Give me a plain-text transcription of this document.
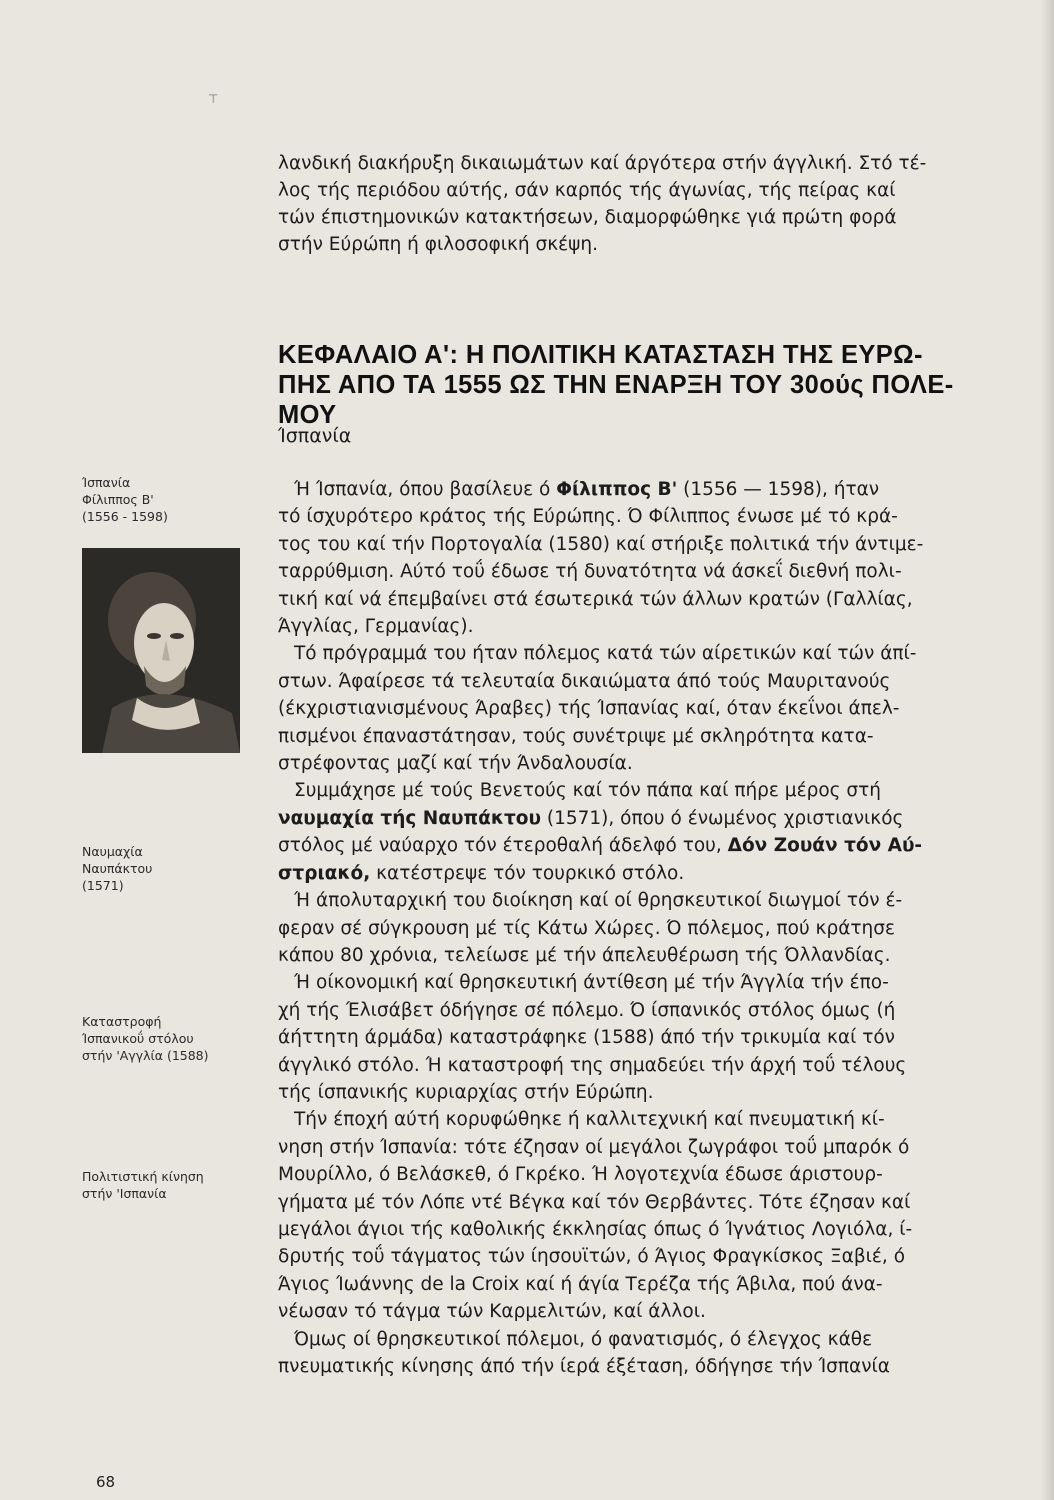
⊤
Ίσπανία
Φίλιππος Β'
(1556 - 1598)
Ναυμαχία
Ναυπάκτου
(1571)
Καταστροφή
Ίσπανικοΰ στόλου
στήν 'Αγγλία (1588)
Πολιτιστική κίνηση
στήν 'Ισπανία
68
λανδική διακήρυξη δικαιωμάτων καί άργότερα στήν άγγλική. Στό τέ-
λος τής περιόδου αύτής, σάν καρπός τής άγωνίας, τής πείρας καί
τών έπιστημονικών κατακτήσεων, διαμορφώθηκε γιά πρώτη φορά
στήν Εύρώπη ή φιλοσοφική σκέψη.
ΚΕΦΑΛΑΙΟ Α': Η ΠΟΛΙΤΙΚΗ ΚΑΤΑΣΤΑΣΗ ΤΗΣ ΕΥΡΩ-
ΠΗΣ ΑΠΟ ΤΑ 1555 ΩΣ ΤΗΝ ΕΝΑΡΞΗ ΤΟΥ 30ούς ΠΟΛΕ-
ΜΟΥ
Ίσπανία

Ή Ίσπανία, όπου βασίλευε ό Φίλιππος Β' (1556 — 1598), ήταν

τό ίσχυρότερο κράτος τής Εύρώπης. Ό Φίλιππος ένωσε μέ τό κρά-
τος του καί τήν Πορτογαλία (1580) καί στήριξε πολιτικά τήν άντιμε-
ταρρύθμιση. Αύτό τοΰ έδωσε τή δυνατότητα νά άσκεΐ διεθνή πολι-
τική καί νά έπεμβαίνει στά έσωτερικά τών άλλων κρατών (Γαλλίας,
Άγγλίας, Γερμανίας).
Τό πρόγραμμά του ήταν πόλεμος κατά τών αίρετικών καί τών άπί-
στων. Άφαίρεσε τά τελευταία δικαιώματα άπό τούς Μαυριτανούς
(έκχριστιανισμένους Άραβες) τής Ίσπανίας καί, όταν έκεΐνοι άπελ-
πισμένοι έπαναστάτησαν, τούς συνέτριψε μέ σκληρότητα κατα-
στρέφοντας μαζί καί τήν Άνδαλουσία.
Συμμάχησε μέ τούς Βενετούς καί τόν πάπα καί πήρε μέρος στή
ναυμαχία τής Ναυπάκτου (1571), όπου ό ένωμένος χριστιανικός
στόλος μέ ναύαρχο τόν έτεροθαλή άδελφό του, Δόν Ζουάν τόν Αύ-
στριακό, κατέστρεψε τόν τουρκικό στόλο.
Ή άπολυταρχική του διοίκηση καί οί θρησκευτικοί διωγμοί τόν έ-
φεραν σέ σύγκρουση μέ τίς Κάτω Χώρες. Ό πόλεμος, πού κράτησε
κάπου 80 χρόνια, τελείωσε μέ τήν άπελευθέρωση τής Όλλανδίας.
Ή οίκονομική καί θρησκευτική άντίθεση μέ τήν Άγγλία τήν έπο-
χή τής Έλισάβετ όδήγησε σέ πόλεμο. Ό ίσπανικός στόλος όμως (ή
άήττητη άρμάδα) καταστράφηκε (1588) άπό τήν τρικυμία καί τόν
άγγλικό στόλο. Ή καταστροφή της σημαδεύει τήν άρχή τοΰ τέλους
τής ίσπανικής κυριαρχίας στήν Εύρώπη.
Τήν έποχή αύτή κορυφώθηκε ή καλλιτεχνική καί πνευματική κί-
νηση στήν Ίσπανία: τότε έζησαν οί μεγάλοι ζωγράφοι τοΰ μπαρόκ ό
Μουρίλλο, ό Βελάσκεθ, ό Γκρέκο. Ή λογοτεχνία έδωσε άριστουρ-
γήματα μέ τόν Λόπε ντέ Βέγκα καί τόν Θερβάντες. Τότε έζησαν καί
μεγάλοι άγιοι τής καθολικής έκκλησίας όπως ό Ίγνάτιος Λογιόλα, ί-
δρυτής τοΰ τάγματος τών ίησουϊτών, ό Άγιος Φραγκίσκος Ξαβιέ, ό
Άγιος Ίωάννης de la Croix καί ή άγία Τερέζα τής Άβιλα, πού άνα-
νέωσαν τό τάγμα τών Καρμελιτών, καί άλλοι.
Όμως οί θρησκευτικοί πόλεμοι, ό φανατισμός, ό έλεγχος κάθε
πνευματικής κίνησης άπό τήν ίερά έξέταση, όδήγησε τήν Ίσπανία
